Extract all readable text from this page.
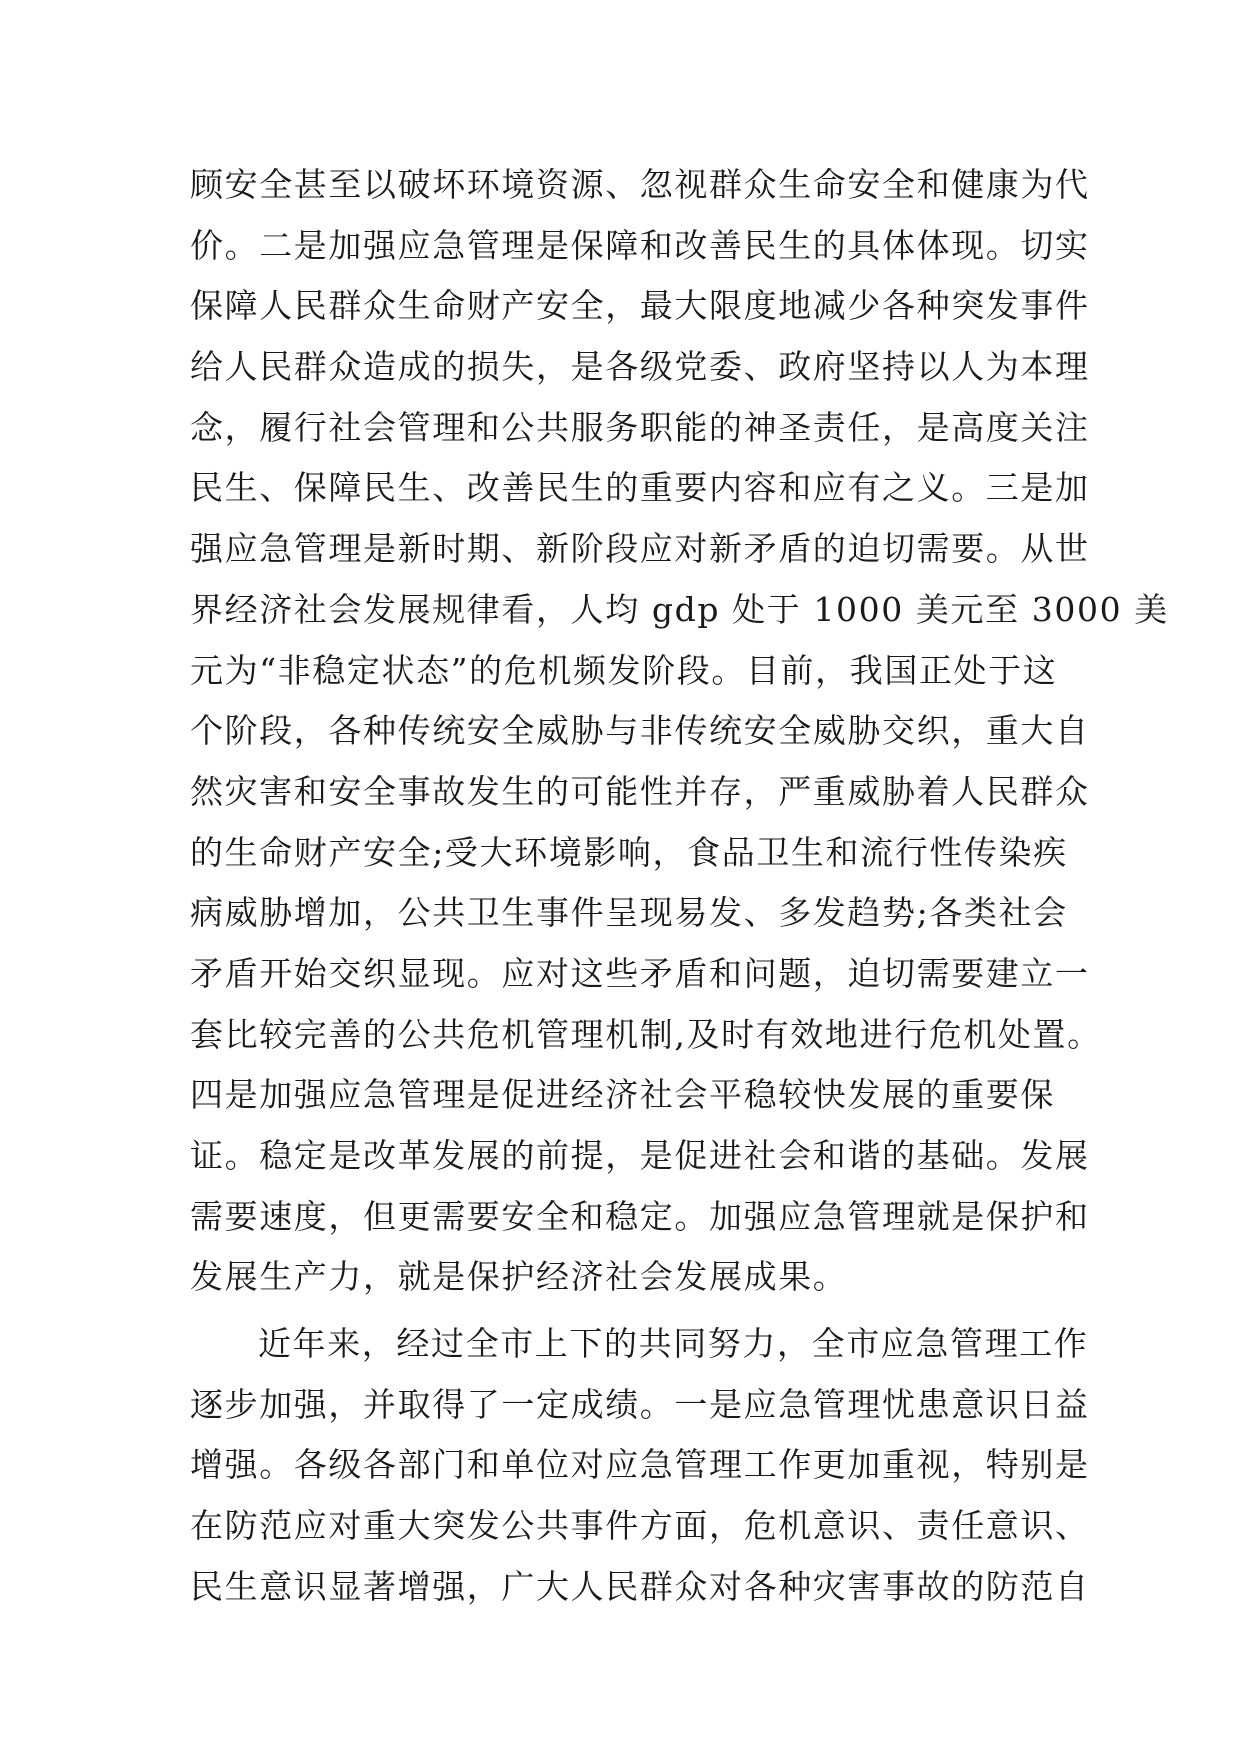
顾安全甚至以破坏环境资源、忽视群众生命安全和健康为代
价。二是加强应急管理是保障和改善民生的具体体现。切实
保障人民群众生命财产安全，最大限度地减少各种突发事件
给人民群众造成的损失，是各级党委、政府坚持以人为本理
念，履行社会管理和公共服务职能的神圣责任，是高度关注
民生、保障民生、改善民生的重要内容和应有之义。三是加
强应急管理是新时期、新阶段应对新矛盾的迫切需要。从世
界经济社会发展规律看，人均 gdp 处于 1000 美元至 3000 美
元为“非稳定状态”的危机频发阶段。目前，我国正处于这
个阶段，各种传统安全威胁与非传统安全威胁交织，重大自
然灾害和安全事故发生的可能性并存，严重威胁着人民群众
的生命财产安全;受大环境影响，食品卫生和流行性传染疾
病威胁增加，公共卫生事件呈现易发、多发趋势;各类社会
矛盾开始交织显现。应对这些矛盾和问题，迫切需要建立一
套比较完善的公共危机管理机制,及时有效地进行危机处置。
四是加强应急管理是促进经济社会平稳较快发展的重要保
证。稳定是改革发展的前提，是促进社会和谐的基础。发展
需要速度，但更需要安全和稳定。加强应急管理就是保护和
发展生产力，就是保护经济社会发展成果。
近年来，经过全市上下的共同努力，全市应急管理工作
逐步加强，并取得了一定成绩。一是应急管理忧患意识日益
增强。各级各部门和单位对应急管理工作更加重视，特别是
在防范应对重大突发公共事件方面，危机意识、责任意识、
民生意识显著增强，广大人民群众对各种灾害事故的防范自
